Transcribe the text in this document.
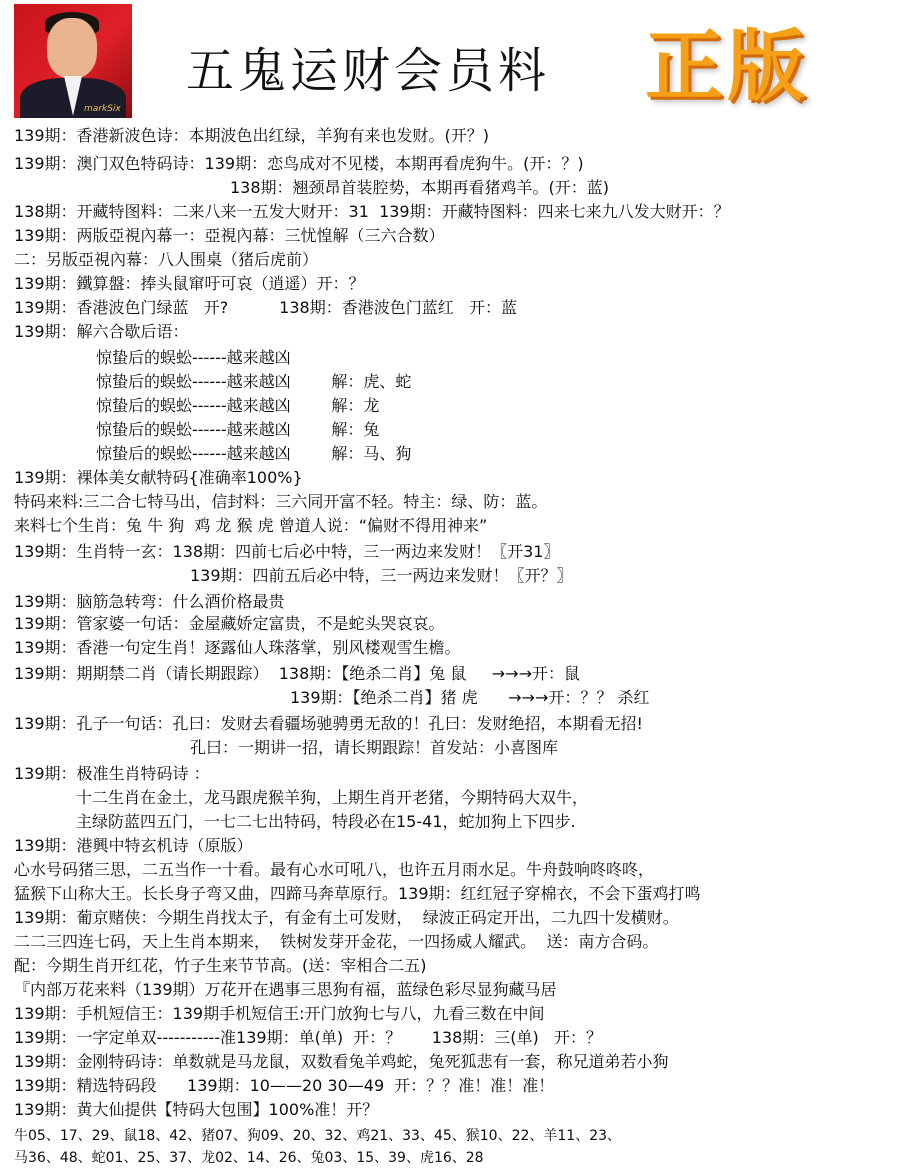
markSix
五鬼运财会员料 正版
139期：香港新波色诗：本期波色出红绿，羊狗有来也发财。(开？)
139期：澳门双色特码诗：139期：恋鸟成对不见楼，本期再看虎狗牛。(开：？)
138期：翘颈昂首装腔势，本期再看猪鸡羊。(开：蓝)
138期：开藏特图料：二来八来一五发大财开：31  139期：开藏特图料：四来七来九八发大财开：？
139期：两版亞視內幕一：亞視內幕：三忧惶解（三六合数）
二：另版亞視內幕：八人围桌（猪后虎前）
139期：鐵算盤：捧头鼠窜吁可哀（逍遥）开：？
139期：香港波色门绿蓝   开?          138期：香港波色门蓝红   开：蓝
139期：解六合歇后语：
惊蛰后的蜈蚣------越来越凶
惊蛰后的蜈蚣------越来越凶        解：虎、蛇
惊蛰后的蜈蚣------越来越凶        解：龙
惊蛰后的蜈蚣------越来越凶        解：兔
惊蛰后的蜈蚣------越来越凶        解：马、狗
139期：裸体美女献特码{准确率100%}
特码来料:三二合七特马出，信封料：三六同开富不轻。特主：绿、防：蓝。
来料七个生肖：兔 牛 狗  鸡 龙 猴 虎 曾道人说：“偏财不得用神来”
139期：生肖特一玄：138期：四前七后必中特，三一两边来发财！〖开31〗
139期：四前五后必中特，三一两边来发财！〖开？〗
139期：脑筋急转弯：什么酒价格最贵
139期：管家婆一句话：金屋藏娇定富贵，不是蛇头哭哀哀。
139期：香港一句定生肖！逐露仙人珠落掌，别风楼观雪生檐。
139期：期期禁二肖（请长期跟踪）  138期：【绝杀二肖】兔 鼠     →→→开：鼠
139期：【绝杀二肖】猪 虎      →→→开：？？ 杀红
139期：孔子一句话：孔曰：发财去看疆场驰骋勇无敌的！孔曰：发财绝招，本期看无招!
孔曰：一期讲一招，请长期跟踪！首发站：小喜图库
139期：极准生肖特码诗 ：
十二生肖在金土，龙马跟虎猴羊狗，上期生肖开老猪，今期特码大双牛，
主绿防蓝四五门，一七二七出特码，特段必在15-41，蛇加狗上下四步.
139期：港興中特玄机诗（原版）
心水号码猪三思，二五当作一十看。最有心水可吼八，也许五月雨水足。牛舟鼓响咚咚咚，
猛猴下山称大王。长长身子弯又曲，四蹄马奔草原行。139期：红红冠子穿棉衣，不会下蛋鸡打鸣
139期：葡京赌侠：今期生肖找太子，有金有土可发财，  绿波正码定开出，二九四十发横财。
二二三四连七码，天上生肖本期来，  铁树发芽开金花，一四扬威人耀武。  送：南方合码。
配：今期生肖开红花，竹子生来节节高。(送：宰相合二五)
『内部万花来料（139期）万花开在遇事三思狗有福，蓝绿色彩尽显狗藏马居
139期：手机短信王：139期手机短信王:开门放狗七与八，九看三数在中间
139期：一字定单双-----------准139期：单(单)  开：？      138期：三(单)   开：？
139期：金刚特码诗：单数就是马龙鼠，双数看兔羊鸡蛇，兔死狐悲有一套，称兄道弟若小狗
139期：精选特码段      139期：10——20 30—49  开：？？准！准！准！
139期：黄大仙提供【特码大包围】100%准！开？
牛05、17、29、鼠18、42、猪07、狗09、20、32、鸡21、33、45、猴10、22、羊11、23、
马36、48、蛇01、25、37、龙02、14、26、兔03、15、39、虎16、28
